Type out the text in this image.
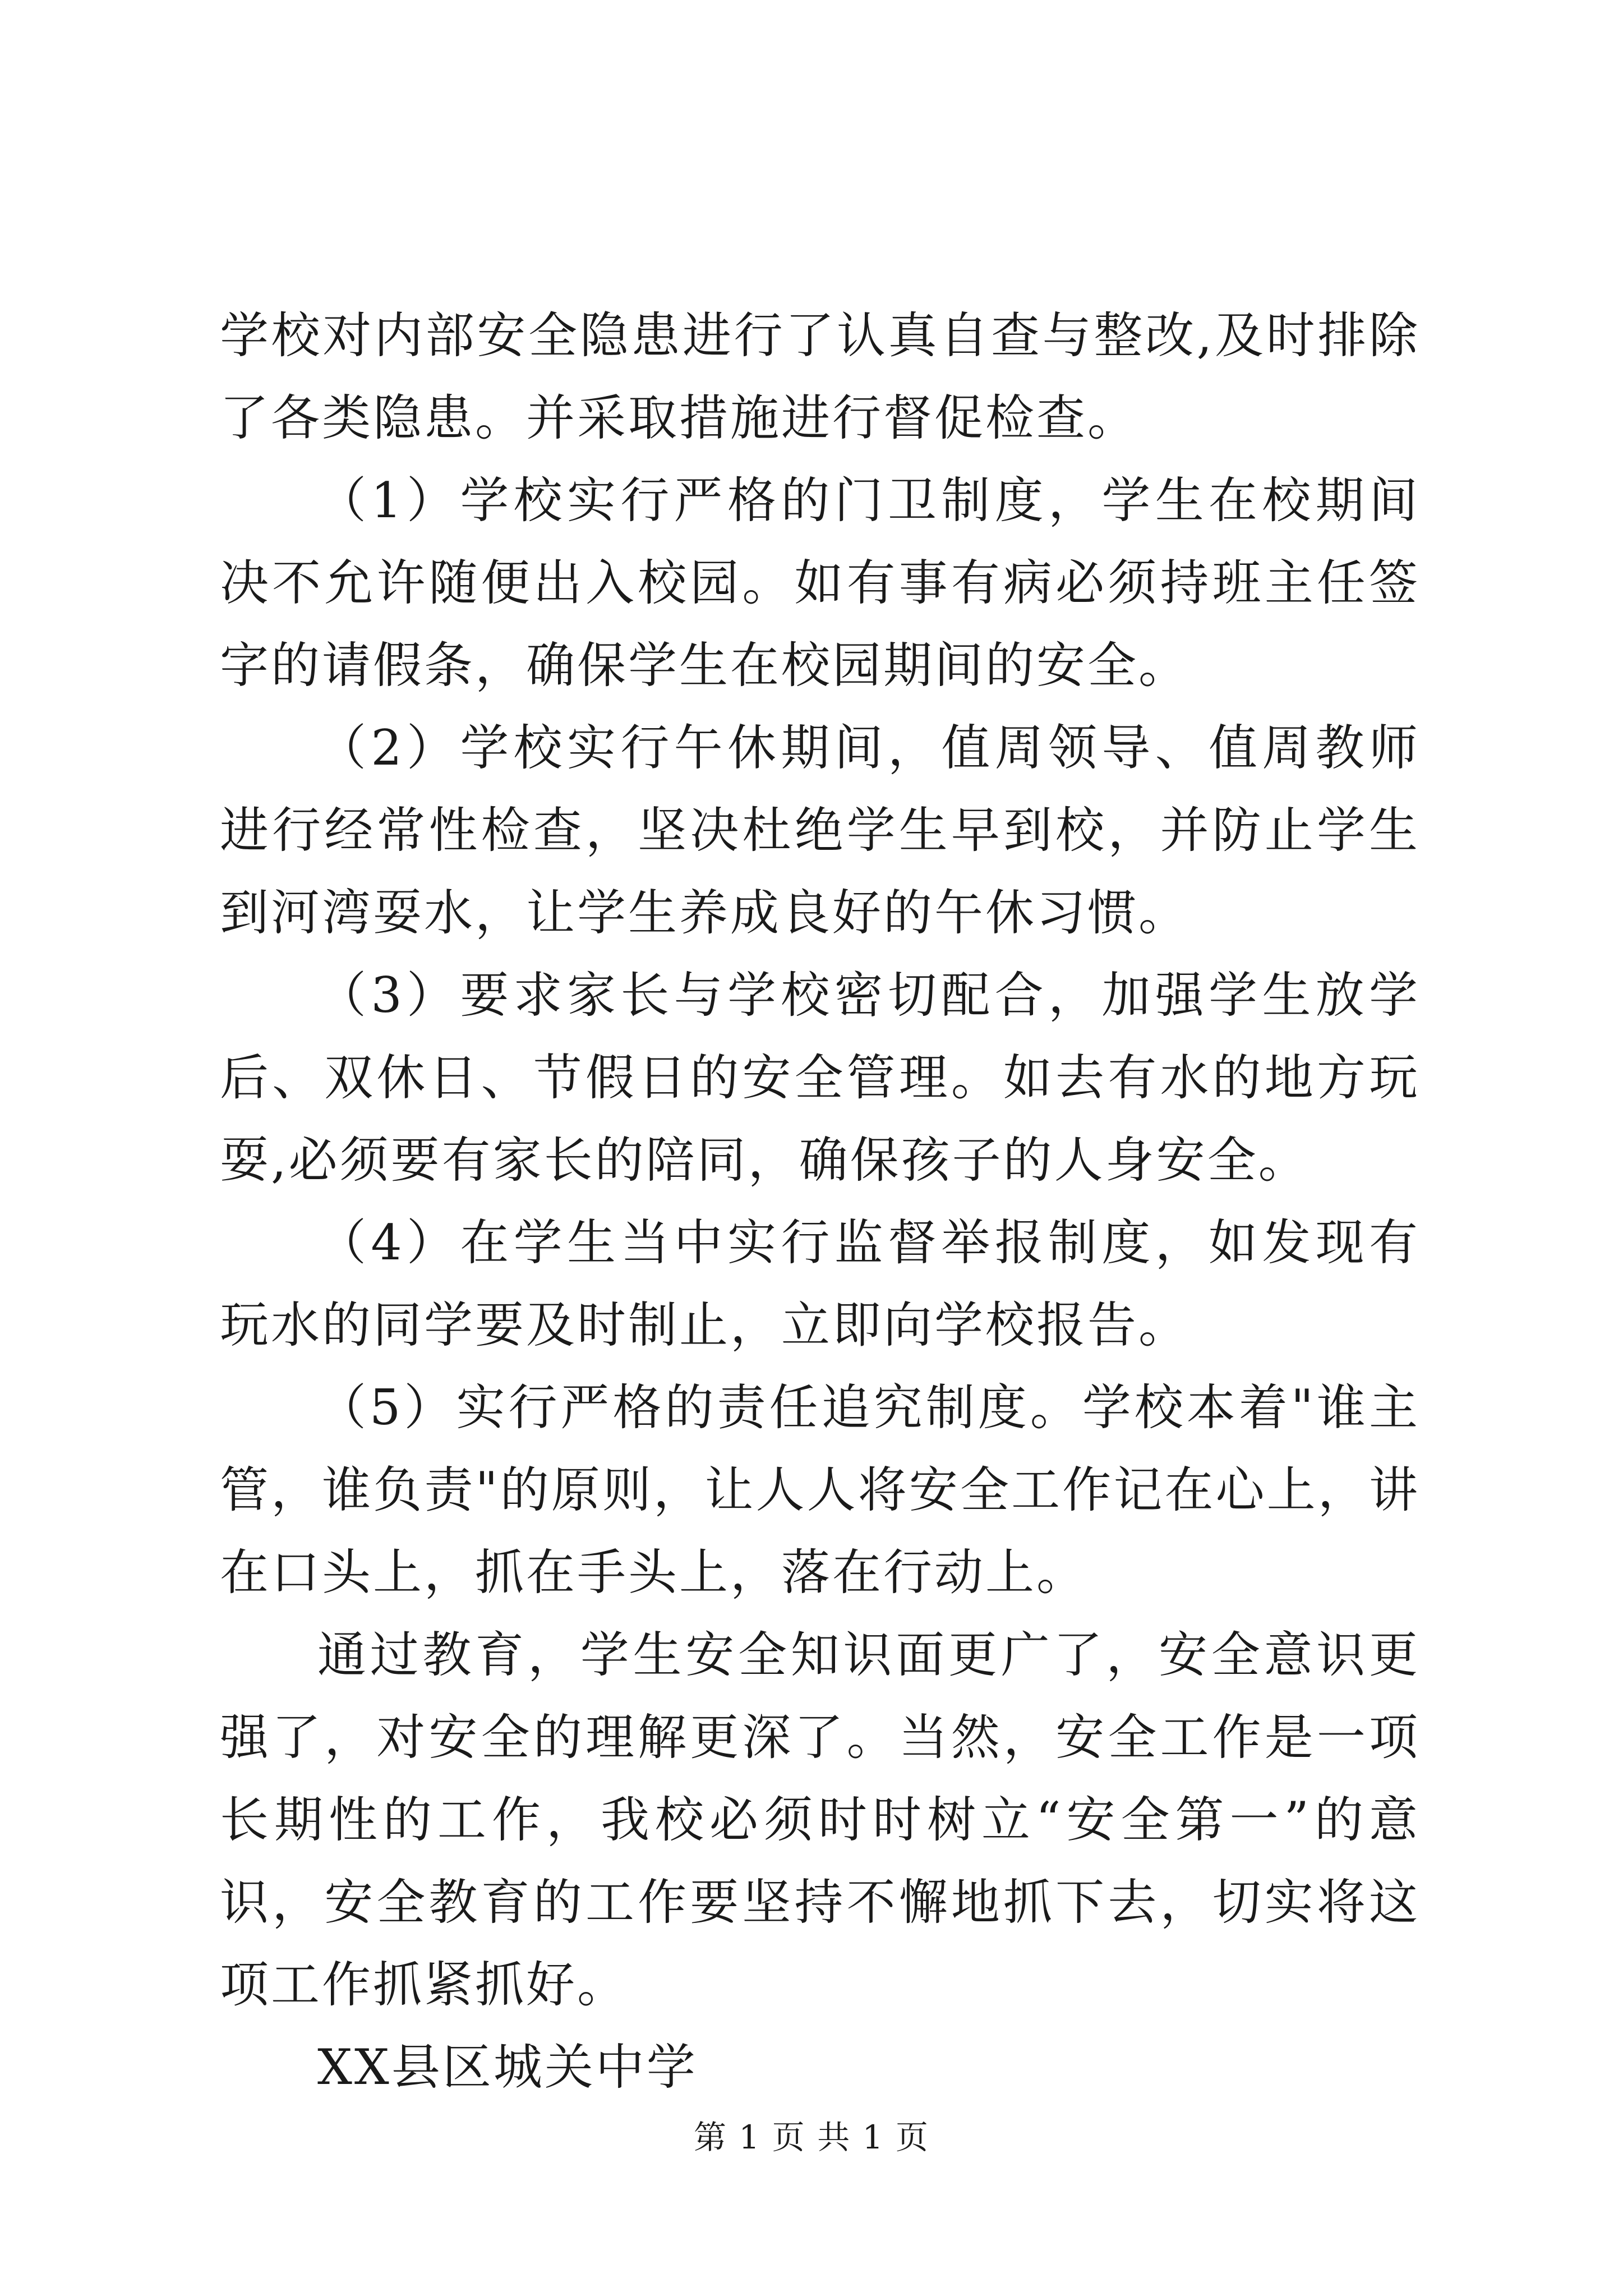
学校对内部安全隐患进行了认真自查与整改,及时排除了各类隐患。并采取措施进行督促检查。

（1）学校实行严格的门卫制度，学生在校期间决不允许随便出入校园。如有事有病必须持班主任签字的请假条，确保学生在校园期间的安全。

（2）学校实行午休期间，值周领导、值周教师进行经常性检查，坚决杜绝学生早到校，并防止学生到河湾耍水，让学生养成良好的午休习惯。

（3）要求家长与学校密切配合，加强学生放学后、双休日、节假日的安全管理。如去有水的地方玩耍,必须要有家长的陪同，确保孩子的人身安全。

（4）在学生当中实行监督举报制度，如发现有玩水的同学要及时制止，立即向学校报告。

（5）实行严格的责任追究制度。学校本着"谁主管，谁负责"的原则，让人人将安全工作记在心上，讲在口头上，抓在手头上，落在行动上。

通过教育，学生安全知识面更广了，安全意识更强了，对安全的理解更深了。当然，安全工作是一项长期性的工作，我校必须时时树立“安全第一”的意识，安全教育的工作要坚持不懈地抓下去，切实将这项工作抓紧抓好。

XX县区城关中学

第 1 页 共 1 页
